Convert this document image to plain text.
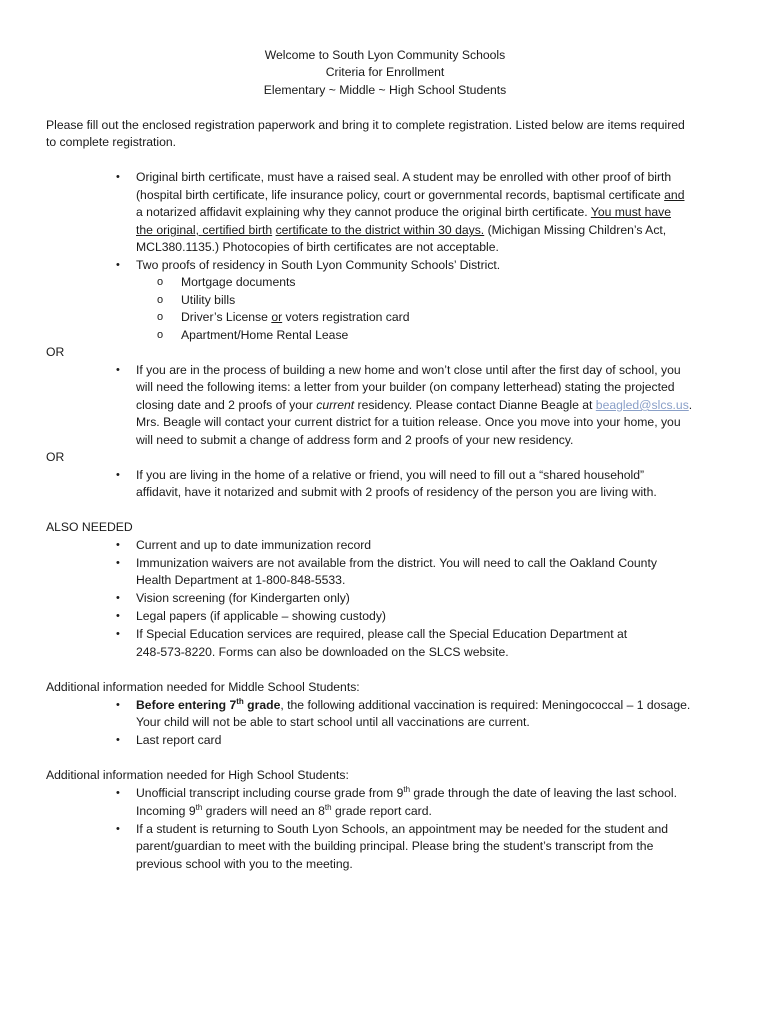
Welcome to South Lyon Community Schools
Criteria for Enrollment
Elementary ~ Middle ~ High School Students
Please fill out the enclosed registration paperwork and bring it to complete registration. Listed below are items required
to complete registration.
• Original birth certificate, must have a raised seal. A student may be enrolled with other proof of birth
(hospital birth certificate, life insurance policy, court or governmental records, baptismal certificate and
a notarized affidavit explaining why they cannot produce the original birth certificate. You must have
the original, certified birth certificate to the district within 30 days. (Michigan Missing Children’s Act,
MCL380.1135.) Photocopies of birth certificates are not acceptable.
• Two proofs of residency in South Lyon Community Schools’ District.
o Mortgage documents
o Utility bills
o Driver’s License or voters registration card
o Apartment/Home Rental Lease
OR
• If you are in the process of building a new home and won’t close until after the first day of school, you
will need the following items: a letter from your builder (on company letterhead) stating the projected
closing date and 2 proofs of your current residency. Please contact Dianne Beagle at beagled@slcs.us.
Mrs. Beagle will contact your current district for a tuition release. Once you move into your home, you
will need to submit a change of address form and 2 proofs of your new residency.
OR
• If you are living in the home of a relative or friend, you will need to fill out a “shared household”
affidavit, have it notarized and submit with 2 proofs of residency of the person you are living with.
ALSO NEEDED
• Current and up to date immunization record
• Immunization waivers are not available from the district. You will need to call the Oakland County
Health Department at 1-800-848-5533.
• Vision screening (for Kindergarten only)
• Legal papers (if applicable – showing custody)
• If Special Education services are required, please call the Special Education Department at
248-573-8220. Forms can also be downloaded on the SLCS website.
Additional information needed for Middle School Students:
• Before entering 7th grade, the following additional vaccination is required: Meningococcal – 1 dosage.
Your child will not be able to start school until all vaccinations are current.
• Last report card
Additional information needed for High School Students:
• Unofficial transcript including course grade from 9th grade through the date of leaving the last school.
Incoming 9th graders will need an 8th grade report card.
• If a student is returning to South Lyon Schools, an appointment may be needed for the student and
parent/guardian to meet with the building principal. Please bring the student’s transcript from the
previous school with you to the meeting.
